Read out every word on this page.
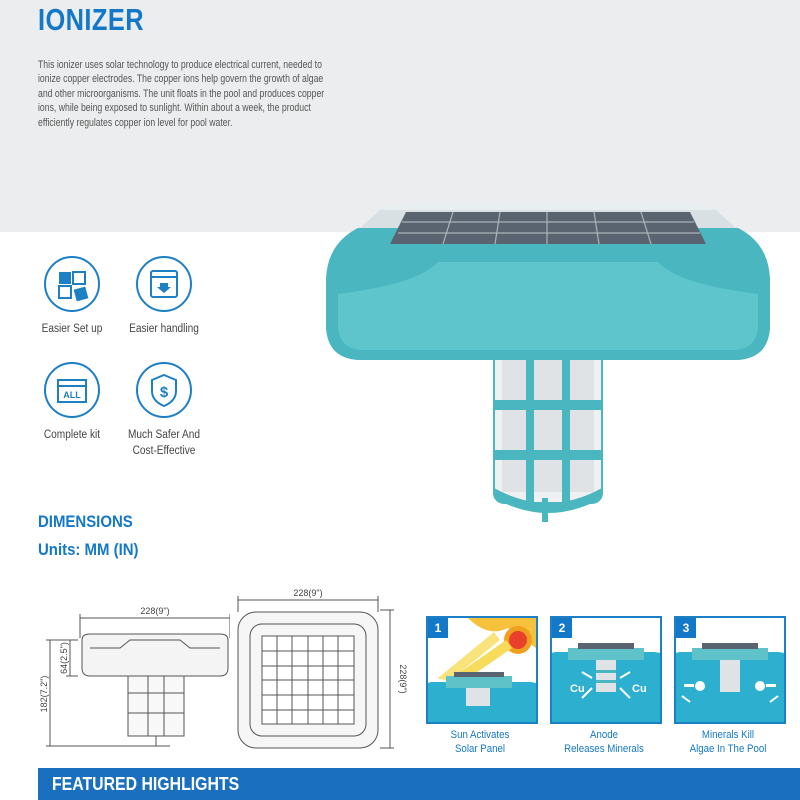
IONIZER
This ionizer uses solar technology to produce electrical current, needed to ionize copper electrodes. The copper ions help govern the growth of algae and other microorganisms. The unit floats in the pool and produces copper ions, while being exposed to sunlight. Within about a week, the product efficiently regulates copper ion level for pool water.
Easier Set up	Easier handling
ALL
Complete kit
$
Much Safer And Cost-Effective
DIMENSIONS
Units: MM (IN)
228(9")
64(2.5")
182(7.2")
228(9")
228(9")
1	2
Cu	Cu
3
Sun Activates
Solar Panel
Anode
Releases Minerals
Minerals Kill
Algae In The Pool
FEATURED HIGHLIGHTS
